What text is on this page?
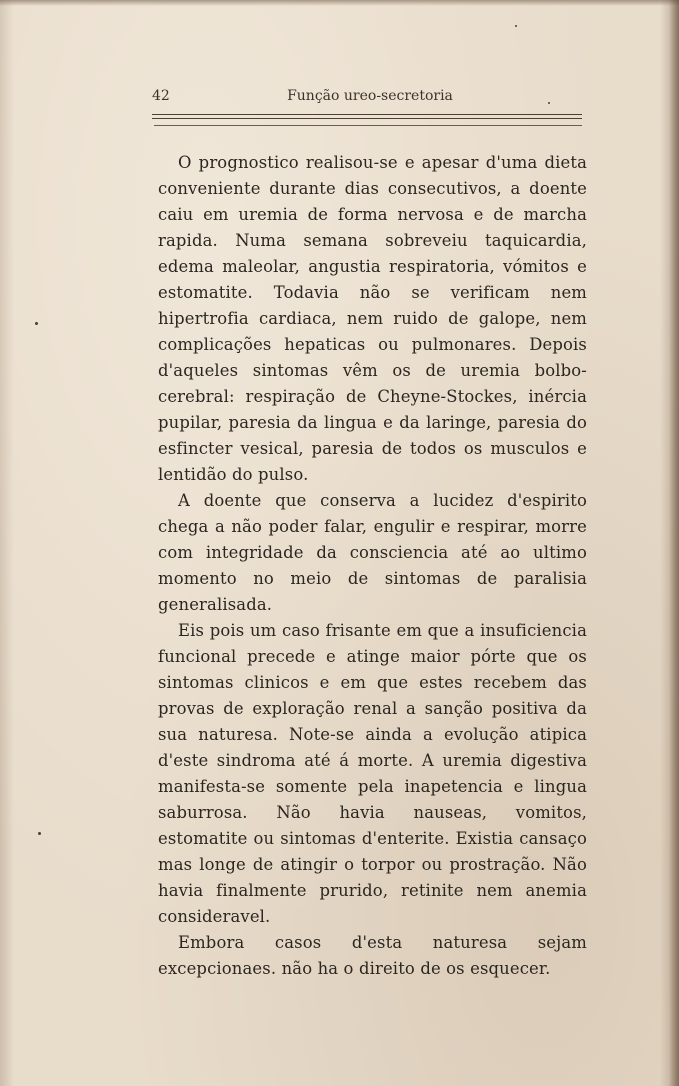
42	Função ureo-secretoria

O prognostico realisou-se e apesar d'uma dieta conveniente durante dias consecutivos, a doente caiu em uremia de forma nervosa e de marcha rapida. Numa semana sobreveiu taquicardia, edema maleolar, angustia respiratoria, vómitos e estomatite. Todavia não se verificam nem hipertrofia cardiaca, nem ruido de galope, nem complicações hepaticas ou pulmonares. Depois d'aqueles sintomas vêm os de uremia bolbo-cerebral: respiração de Cheyne-Stockes, inércia pupilar, paresia da lingua e da laringe, paresia do esfincter vesical, paresia de todos os musculos e lentidão do pulso.

A doente que conserva a lucidez d'espirito chega a não poder falar, engulir e respirar, morre com integridade da consciencia até ao ultimo momento no meio de sintomas de paralisia generalisada.

Eis pois um caso frisante em que a insuficiencia funcional precede e atinge maior pórte que os sintomas clinicos e em que estes recebem das provas de exploração renal a sanção positiva da sua naturesa. Note-se ainda a evolução atipica d'este sindroma até á morte. A uremia digestiva manifesta-se somente pela inapetencia e lingua saburrosa. Não havia nauseas, vomitos, estomatite ou sintomas d'enterite. Existia cansaço mas longe de atingir o torpor ou prostração. Não havia finalmente prurido, retinite nem anemia consideravel.

Embora casos d'esta naturesa sejam excepcionaes. não ha o direito de os esquecer.
